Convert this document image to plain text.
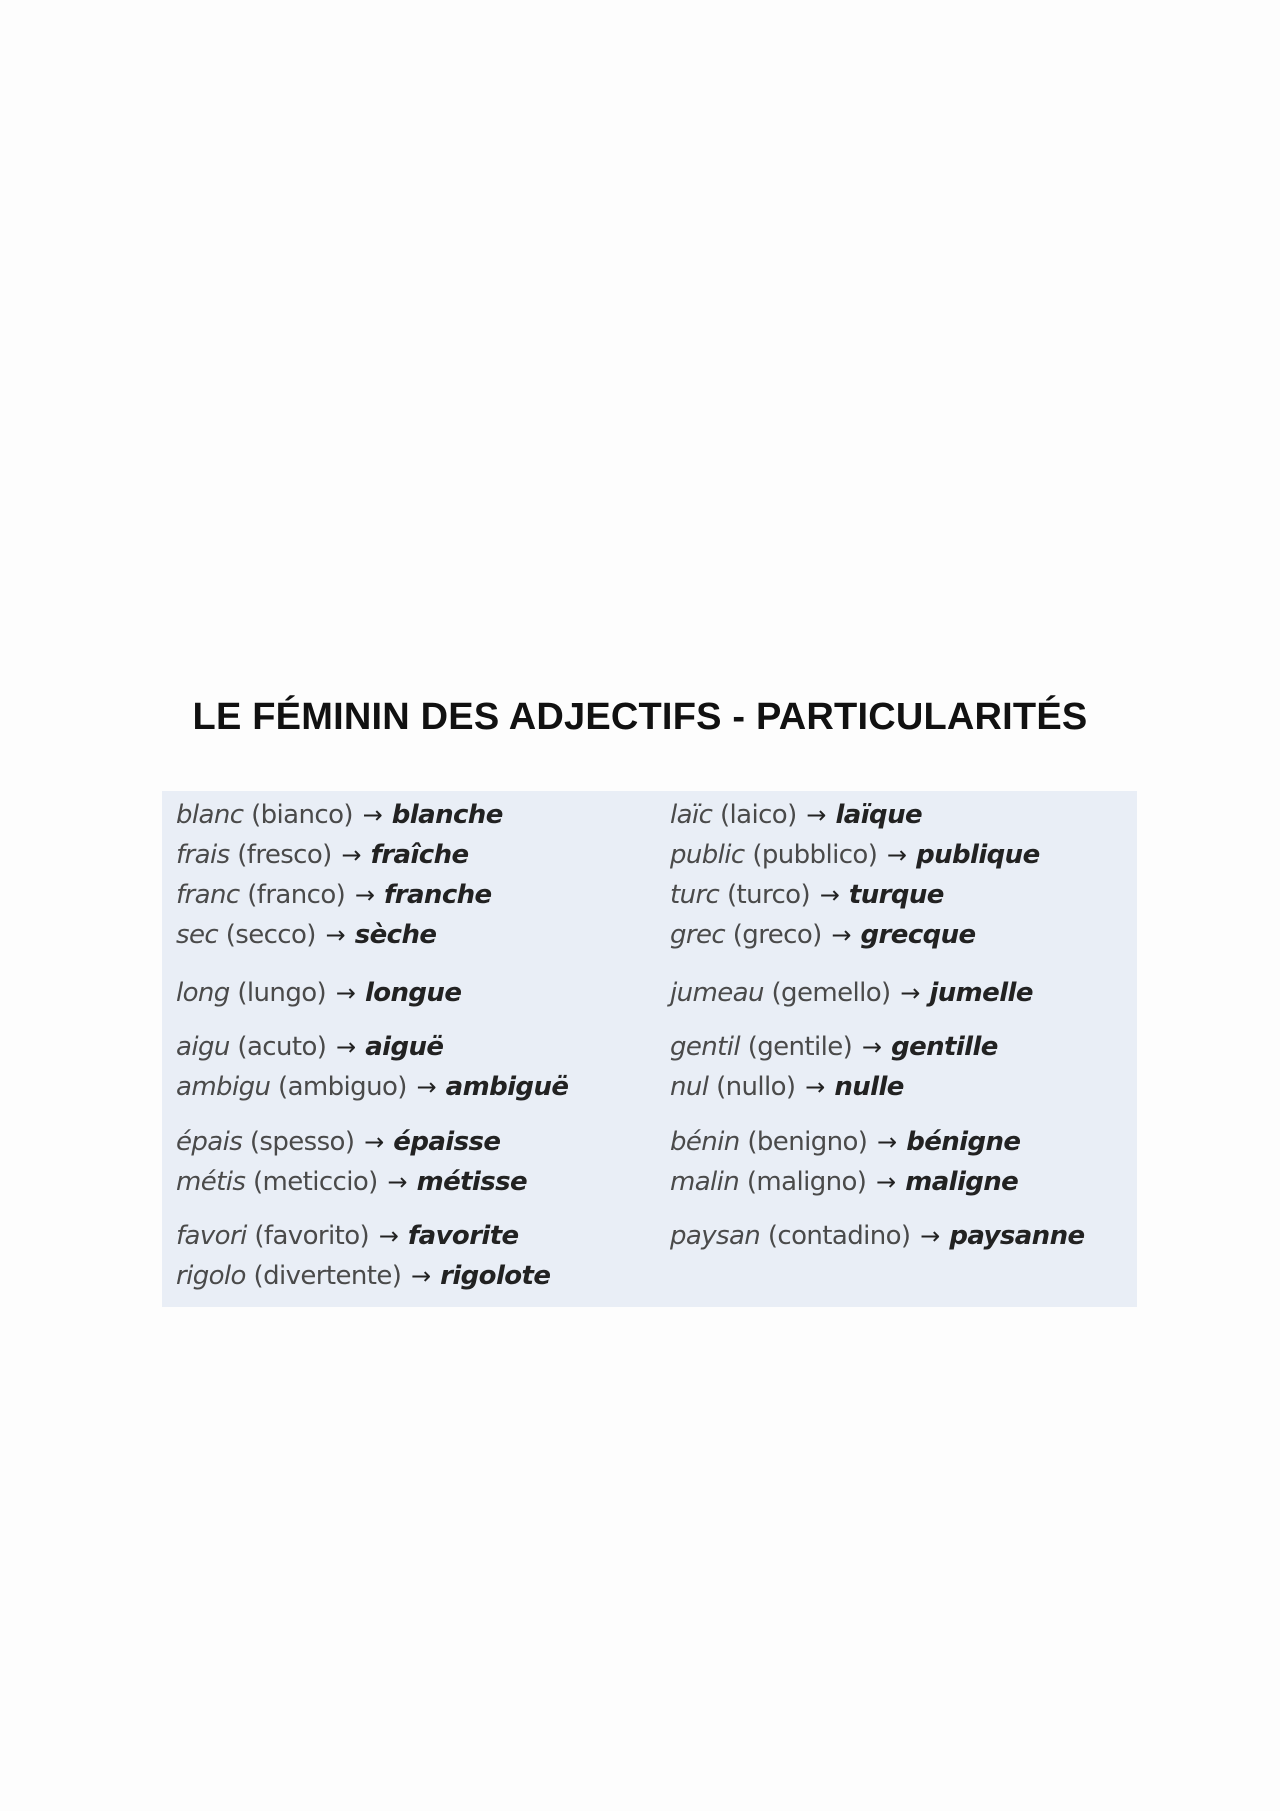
LE FÉMININ DES ADJECTIFS - PARTICULARITÉS
blanc (bianco) → blanche
frais (fresco) → fraîche
franc (franco) → franche
sec (secco) → sèche
long (lungo) → longue
aigu (acuto) → aiguë
ambigu (ambiguo) → ambiguë
épais (spesso) → épaisse
métis (meticcio) → métisse
favori (favorito) → favorite
rigolo (divertente) → rigolote
laïc (laico) → laïque
public (pubblico) → publique
turc (turco) → turque
grec (greco) → grecque
jumeau (gemello) → jumelle
gentil (gentile) → gentille
nul (nullo) → nulle
bénin (benigno) → bénigne
malin (maligno) → maligne
paysan (contadino) → paysanne
